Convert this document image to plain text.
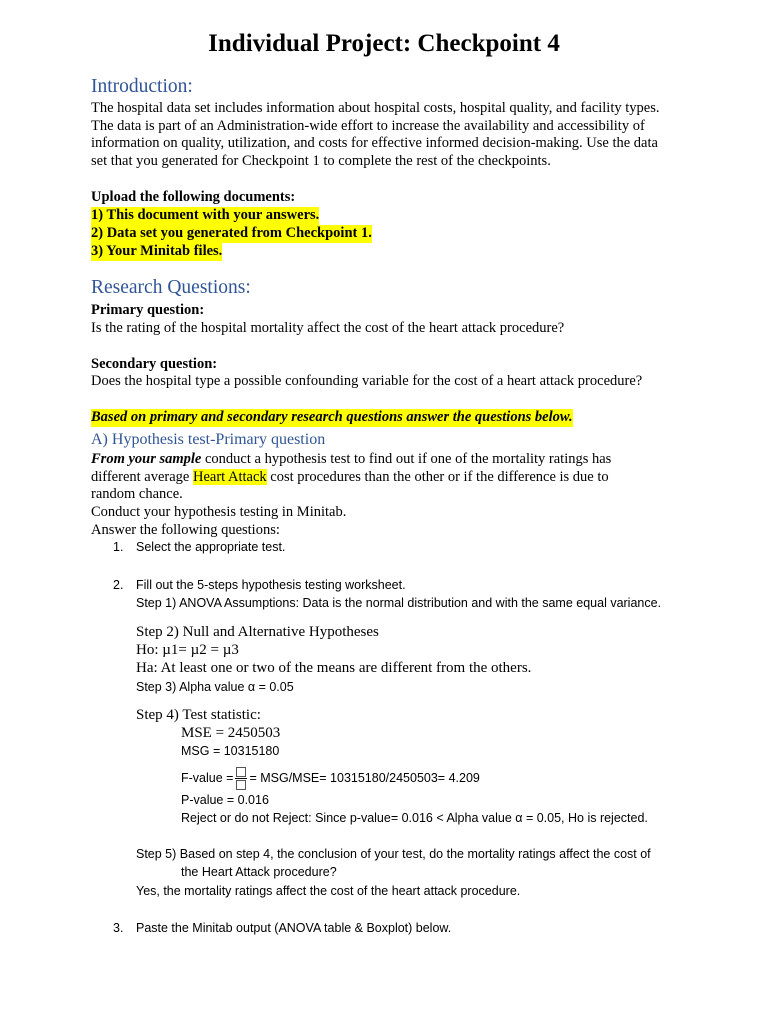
Individual Project: Checkpoint 4
Introduction:
The hospital data set includes information about hospital costs, hospital quality, and facility types. The data is part of an Administration-wide effort to increase the availability and accessibility of information on quality, utilization, and costs for effective informed decision-making. Use the data set that you generated for Checkpoint 1 to complete the rest of the checkpoints.
Upload the following documents:
1) This document with your answers.
2) Data set you generated from Checkpoint 1.
3) Your Minitab files.
Research Questions:
Primary question:
Is the rating of the hospital mortality affect the cost of the heart attack procedure?
Secondary question:
Does the hospital type a possible confounding variable for the cost of a heart attack procedure?
Based on primary and secondary research questions answer the questions below.
A) Hypothesis test-Primary question
From your sample conduct a hypothesis test to find out if one of the mortality ratings has different average Heart Attack cost procedures than the other or if the difference is due to random chance.
Conduct your hypothesis testing in Minitab.
Answer the following questions:
1. Select the appropriate test.
2. Fill out the 5-steps hypothesis testing worksheet.
Step 1) ANOVA Assumptions: Data is the normal distribution and with the same equal variance.
Step 2) Null and Alternative Hypotheses
Ho: µ1= µ2 = µ3
Ha: At least one or two of the means are different from the others.
Step 3) Alpha value α = 0.05
Step 4) Test statistic:
MSE = 2450503
MSG = 10315180
F-value = = MSG/MSE= 10315180/2450503= 4.209
P-value = 0.016
Reject or do not Reject: Since p-value= 0.016 < Alpha value α = 0.05, Ho is rejected.
Step 5) Based on step 4, the conclusion of your test, do the mortality ratings affect the cost of
the Heart Attack procedure?
Yes, the mortality ratings affect the cost of the heart attack procedure.
3. Paste the Minitab output (ANOVA table & Boxplot) below.
